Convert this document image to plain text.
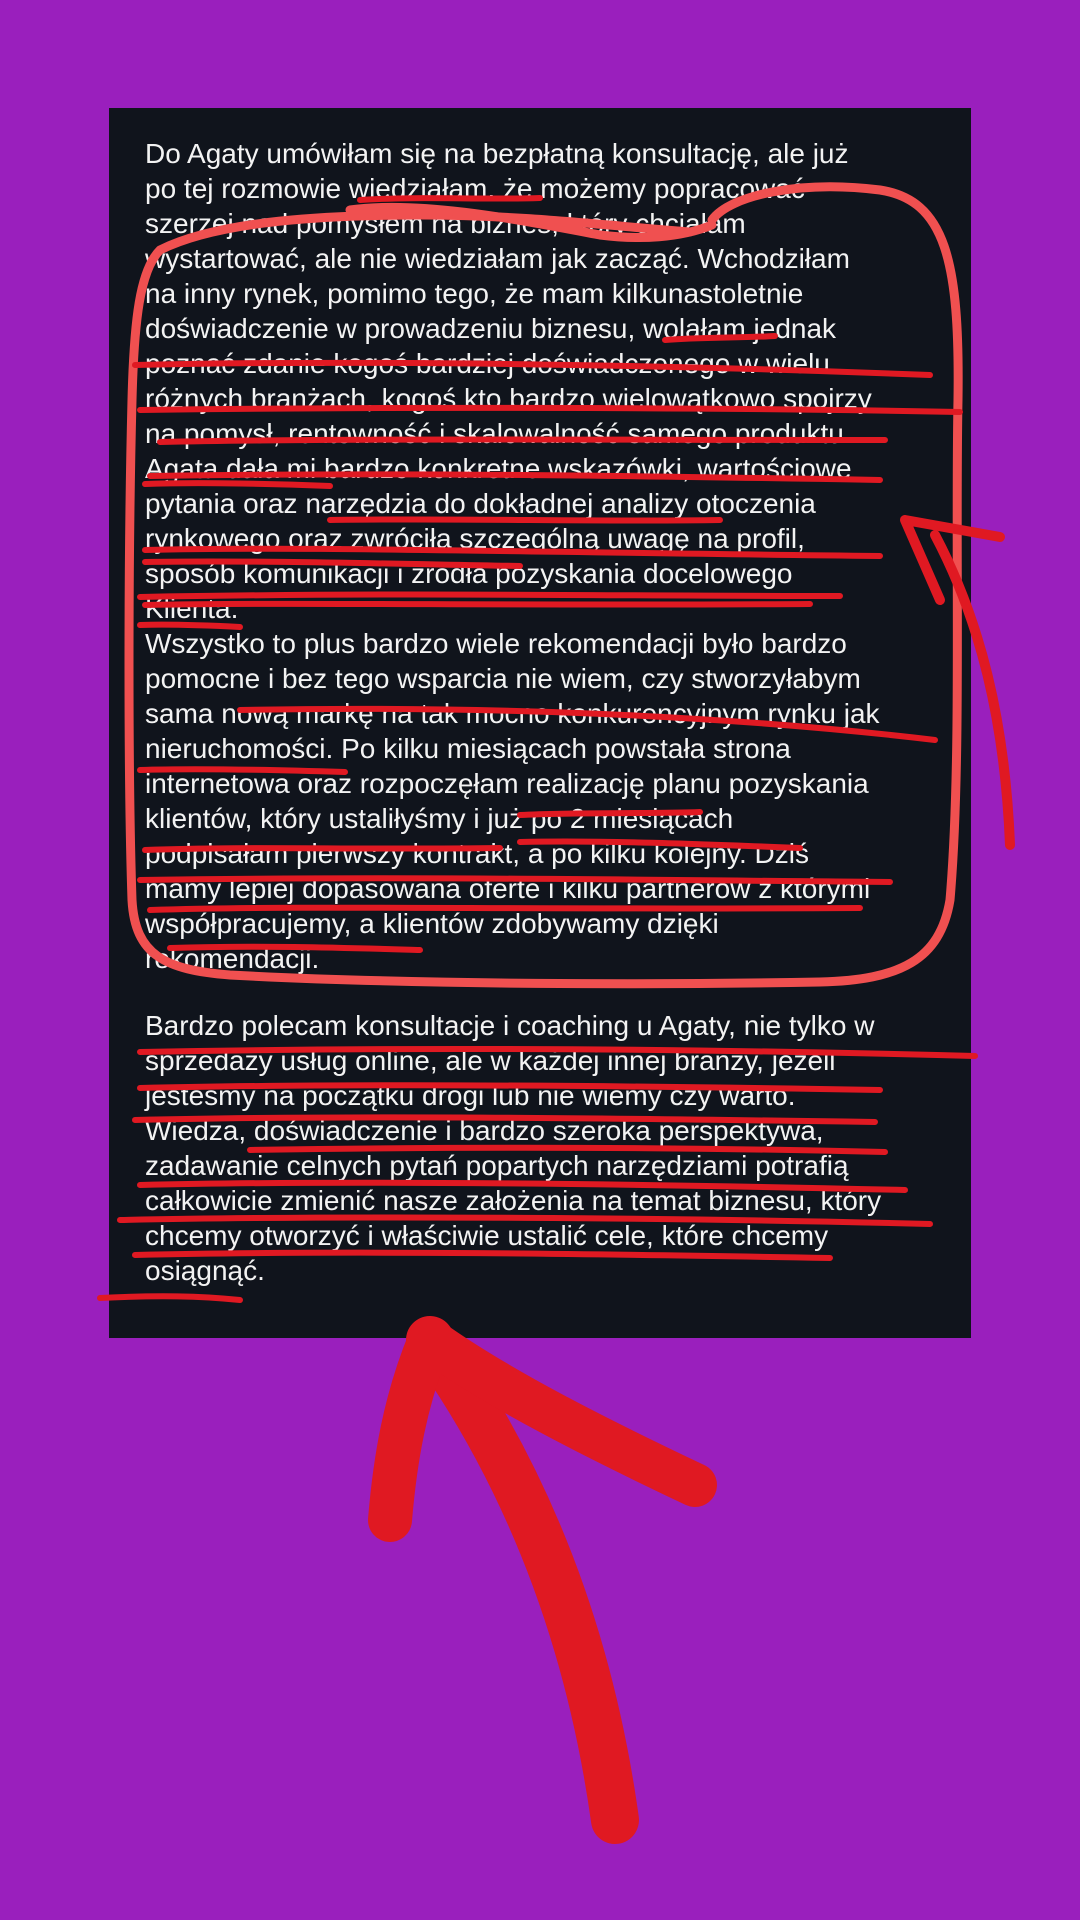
Do Agaty umówiłam się na bezpłatną konsultację, ale już
po tej rozmowie wiedziałam, że możemy popracować
szerzej nad pomysłem na biznes, który chciałam
wystartować, ale nie wiedziałam jak zacząć. Wchodziłam
na inny rynek, pomimo tego, że mam kilkunastoletnie
doświadczenie w prowadzeniu biznesu, wolałam jednak
poznać zdanie kogoś bardziej doświadczonego w wielu
różnych branżach, kogoś kto bardzo wielowątkowo spojrzy
na pomysł, rentowność i skalowalność samego produktu.
Agata dała mi bardzo konkretne wskazówki, wartościowe
pytania oraz narzędzia do dokładnej analizy otoczenia
rynkowego oraz zwróciła szczególną uwagę na profil,
sposób komunikacji i źródła pozyskania docelowego
Klienta.
Wszystko to plus bardzo wiele rekomendacji było bardzo
pomocne i bez tego wsparcia nie wiem, czy stworzyłabym
sama nową markę na tak mocno konkurencyjnym rynku jak
nieruchomości. Po kilku miesiącach powstała strona
internetowa oraz rozpoczęłam realizację planu pozyskania
klientów, który ustaliłyśmy i już po 2 miesiącach
podpisałam pierwszy kontrakt, a po kilku kolejny. Dziś
mamy lepiej dopasowana oferte i kilku partnerów z którymi
współpracujemy, a klientów zdobywamy dzięki
rekomendacji.
Bardzo polecam konsultacje i coaching u Agaty, nie tylko w
sprzedaży usług online, ale w każdej innej branży, jeżeli
jesteśmy na początku drogi lub nie wiemy czy warto.
Wiedza, doświadczenie i bardzo szeroka perspektywa,
zadawanie celnych pytań popartych narzędziami potrafią
całkowicie zmienić nasze założenia na temat biznesu, który
chcemy otworzyć i właściwie ustalić cele, które chcemy
osiągnąć.
